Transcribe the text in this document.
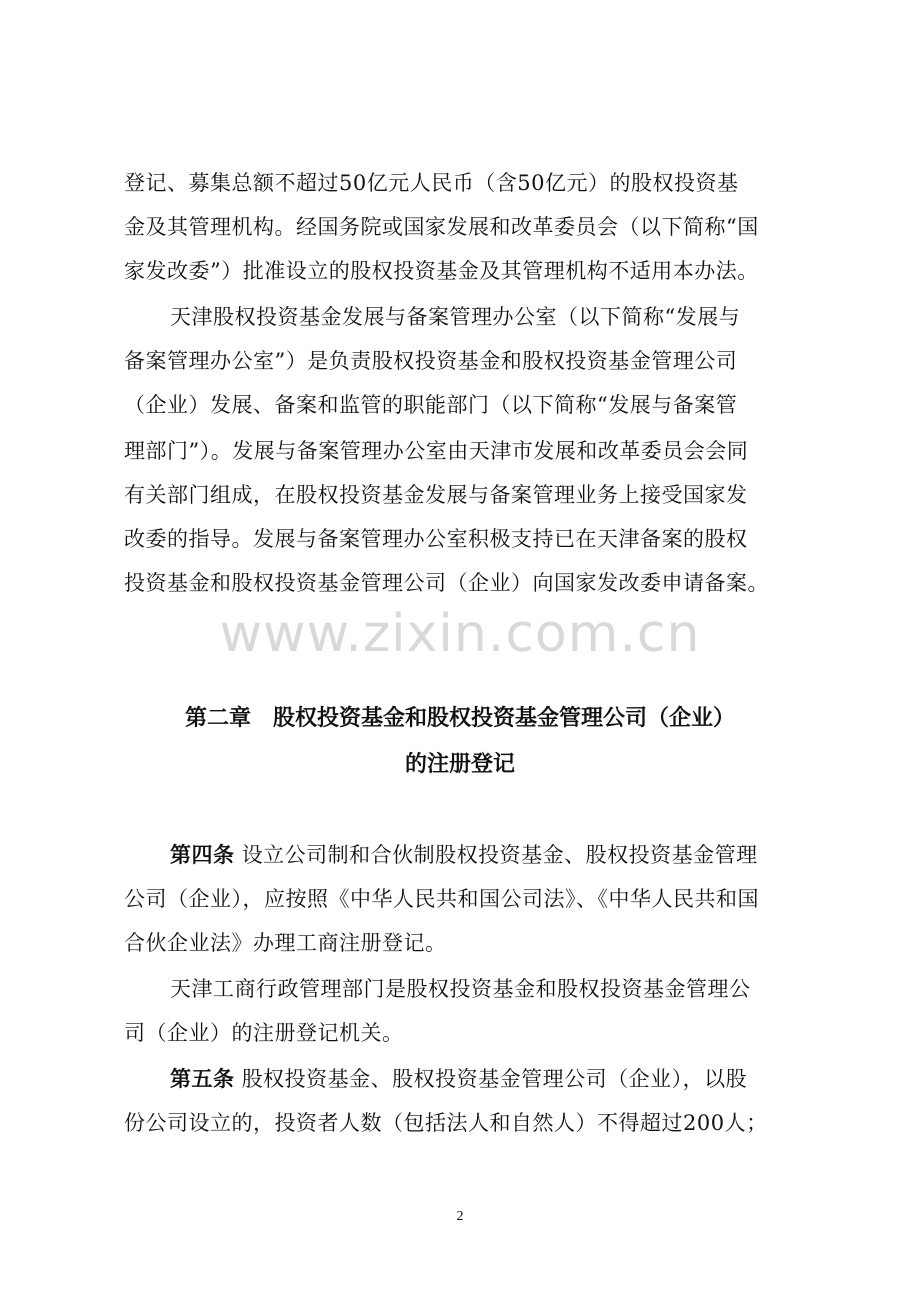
登记、募集总额不超过50亿元人民币（含50亿元）的股权投资基
金及其管理机构。经国务院或国家发展和改革委员会（以下简称“国
家发改委”）批准设立的股权投资基金及其管理机构不适用本办法。
天津股权投资基金发展与备案管理办公室（以下简称“发展与
备案管理办公室”）是负责股权投资基金和股权投资基金管理公司
（企业）发展、备案和监管的职能部门（以下简称“发展与备案管
理部门”）。发展与备案管理办公室由天津市发展和改革委员会会同
有关部门组成，在股权投资基金发展与备案管理业务上接受国家发
改委的指导。发展与备案管理办公室积极支持已在天津备案的股权
投资基金和股权投资基金管理公司（企业）向国家发改委申请备案。
www.zixin.com.cn
第二章　股权投资基金和股权投资基金管理公司（企业）
的注册登记
第四条 设立公司制和合伙制股权投资基金、股权投资基金管理
公司（企业），应按照《中华人民共和国公司法》、《中华人民共和国
合伙企业法》办理工商注册登记。
天津工商行政管理部门是股权投资基金和股权投资基金管理公
司（企业）的注册登记机关。
第五条 股权投资基金、股权投资基金管理公司（企业），以股
份公司设立的，投资者人数（包括法人和自然人）不得超过200人；
2
